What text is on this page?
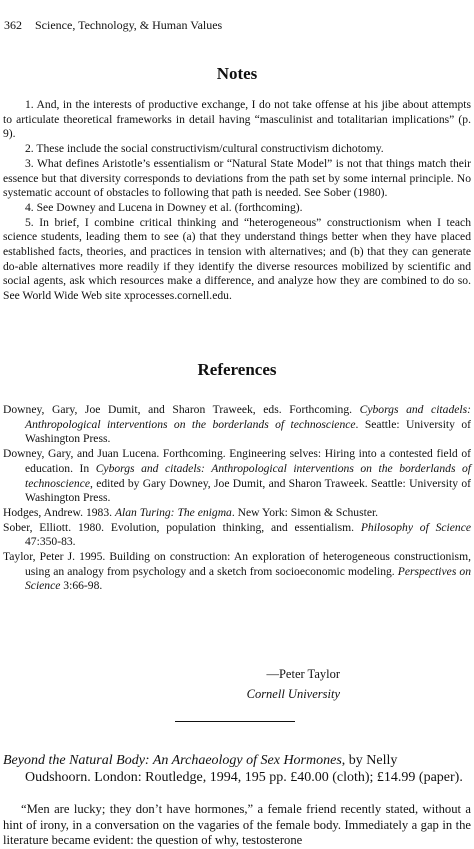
362 Science, Technology, & Human Values
Notes

1. And, in the interests of productive exchange, I do not take offense at his jibe about attempts to articulate theoretical frameworks in detail having “masculinist and totalitarian implications” (p. 9).

2. These include the social constructivism/cultural constructivism dichotomy.

3. What defines Aristotle’s essentialism or “Natural State Model” is not that things match their essence but that diversity corresponds to deviations from the path set by some internal principle. No systematic account of obstacles to following that path is needed. See Sober (1980).

4. See Downey and Lucena in Downey et al. (forthcoming).

5. In brief, I combine critical thinking and “heterogeneous” constructionism when I teach science students, leading them to see (a) that they understand things better when they have placed established facts, theories, and practices in tension with alternatives; and (b) that they can generate do-able alternatives more readily if they identify the diverse resources mobilized by scientific and social agents, ask which resources make a difference, and analyze how they are combined to do so. See World Wide Web site xprocesses.cornell.edu.

References

Downey, Gary, Joe Dumit, and Sharon Traweek, eds. Forthcoming. Cyborgs and citadels: Anthropological interventions on the borderlands of technoscience. Seattle: University of Washington Press.

Downey, Gary, and Juan Lucena. Forthcoming. Engineering selves: Hiring into a contested field of education. In Cyborgs and citadels: Anthropological interventions on the borderlands of technoscience, edited by Gary Downey, Joe Dumit, and Sharon Traweek. Seattle: University of Washington Press.

Hodges, Andrew. 1983. Alan Turing: The enigma. New York: Simon & Schuster.

Sober, Elliott. 1980. Evolution, population thinking, and essentialism. Philosophy of Science 47:350-83.

Taylor, Peter J. 1995. Building on construction: An exploration of heterogeneous constructionism, using an analogy from psychology and a sketch from socioeconomic modeling. Perspectives on Science 3:66-98.

—Peter Taylor
Cornell University
Beyond the Natural Body: An Archaeology of Sex Hormones, by Nelly
Oudshoorn. London: Routledge, 1994, 195 pp. £40.00 (cloth); £14.99 (paper).

“Men are lucky; they don’t have hormones,” a female friend recently stated, without a hint of irony, in a conversation on the vagaries of the female body. Immediately a gap in the literature became evident: the question of why, testosterone
